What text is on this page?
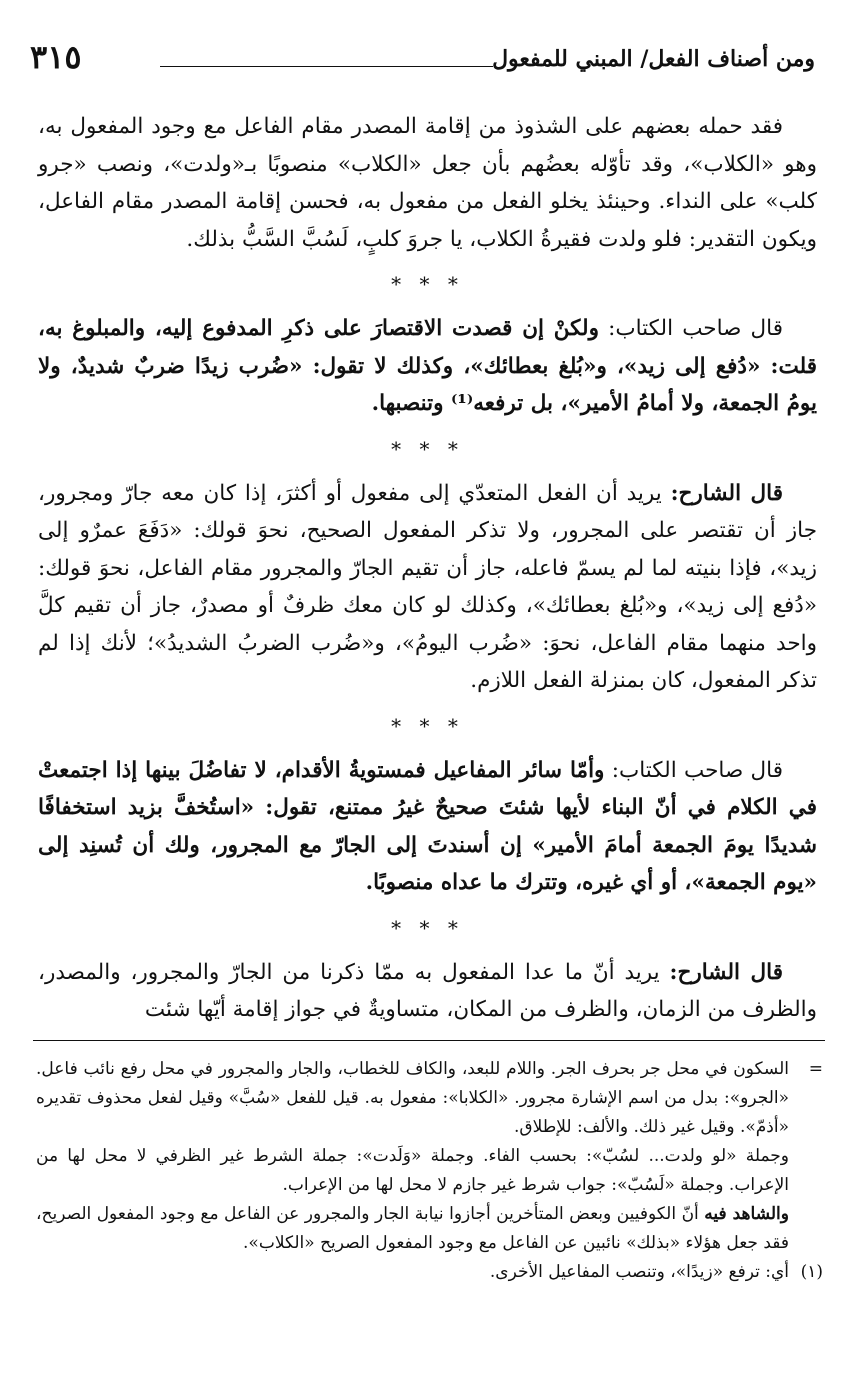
ومن أصناف الفعل/ المبني للمفعول
٣١٥

فقد حمله بعضهم على الشذوذ من إقامة المصدر مقام الفاعل مع وجود المفعول به، وهو «الكلاب»، وقد تأوّله بعضُهم بأن جعل «الكلاب» منصوبًا بـ«ولدت»، ونصب «جرو كلب» على النداء. وحينئذ يخلو الفعل من مفعول به، فحسن إقامة المصدر مقام الفاعل، ويكون التقدير: فلو ولدت فقيرةُ الكلاب، يا جروَ كلبٍ، لَسُبَّ السَّبُّ بذلك.

* * *

قال صاحب الكتاب: ولكنْ إن قصدت الاقتصارَ على ذكرِ المدفوع إليه، والمبلوغ به، قلت: «دُفع إلى زيد»، و«بُلغ بعطائك»، وكذلك لا تقول: «ضُرب زيدًا ضربٌ شديدٌ، ولا يومُ الجمعة، ولا أمامُ الأمير»، بل ترفعه⁽¹⁾ وتنصبها.

* * *

قال الشارح: يريد أن الفعل المتعدّي إلى مفعول أو أكثرَ، إذا كان معه جارّ ومجرور، جاز أن تقتصر على المجرور، ولا تذكر المفعول الصحيح، نحوَ قولك: «دَفَعَ عمرٌو إلى زيد»، فإذا بنيته لما لم يسمّ فاعله، جاز أن تقيم الجارّ والمجرور مقام الفاعل، نحوَ قولك: «دُفع إلى زيد»، و«بُلغ بعطائك»، وكذلك لو كان معك ظرفٌ أو مصدرٌ، جاز أن تقيم كلَّ واحد منهما مقام الفاعل، نحوَ: «ضُرب اليومُ»، و«ضُرب الضربُ الشديدُ»؛ لأنك إذا لم تذكر المفعول، كان بمنزلة الفعل اللازم.

* * *

قال صاحب الكتاب: وأمّا سائر المفاعيل فمستويةُ الأقدام، لا تفاضُلَ بينها إذا اجتمعتْ في الكلام في أنّ البناء لأيها شئتَ صحيحٌ غيرُ ممتنع، تقول: «استُخفَّ بزيد استخفافًا شديدًا يومَ الجمعة أمامَ الأمير» إن أسندتَ إلى الجارّ مع المجرور، ولك أن تُسنِد إلى «يوم الجمعة»، أو أي غيره، وتترك ما عداه منصوبًا.

* * *

قال الشارح: يريد أنّ ما عدا المفعول به ممّا ذكرنا من الجارّ والمجرور، والمصدر، والظرف من الزمان، والظرف من المكان، متساويةٌ في جواز إقامة أيّها شئت

=
السكون في محل جر بحرف الجر. واللام للبعد، والكاف للخطاب، والجار والمجرور في محل رفع نائب فاعل. «الجرو»: بدل من اسم الإشارة مجرور. «الكلابا»: مفعول به. قيل للفعل «سُبَّ» وقيل لفعل محذوف تقديره «أذمّ». وقيل غير ذلك. والألف: للإطلاق.

وجملة «لو ولدت... لسُبّ»: بحسب الفاء. وجملة «وَلَدت»: جملة الشرط غير الظرفي لا محل لها من الإعراب. وجملة «لَسُبّ»: جواب شرط غير جازم لا محل لها من الإعراب.

والشاهد فيه أنّ الكوفيين وبعض المتأخرين أجازوا نيابة الجار والمجرور عن الفاعل مع وجود المفعول الصريح، فقد جعل هؤلاء «بذلك» نائبين عن الفاعل مع وجود المفعول الصريح «الكلاب».

(١)
أي: ترفع «زيدًا»، وتنصب المفاعيل الأخرى.
